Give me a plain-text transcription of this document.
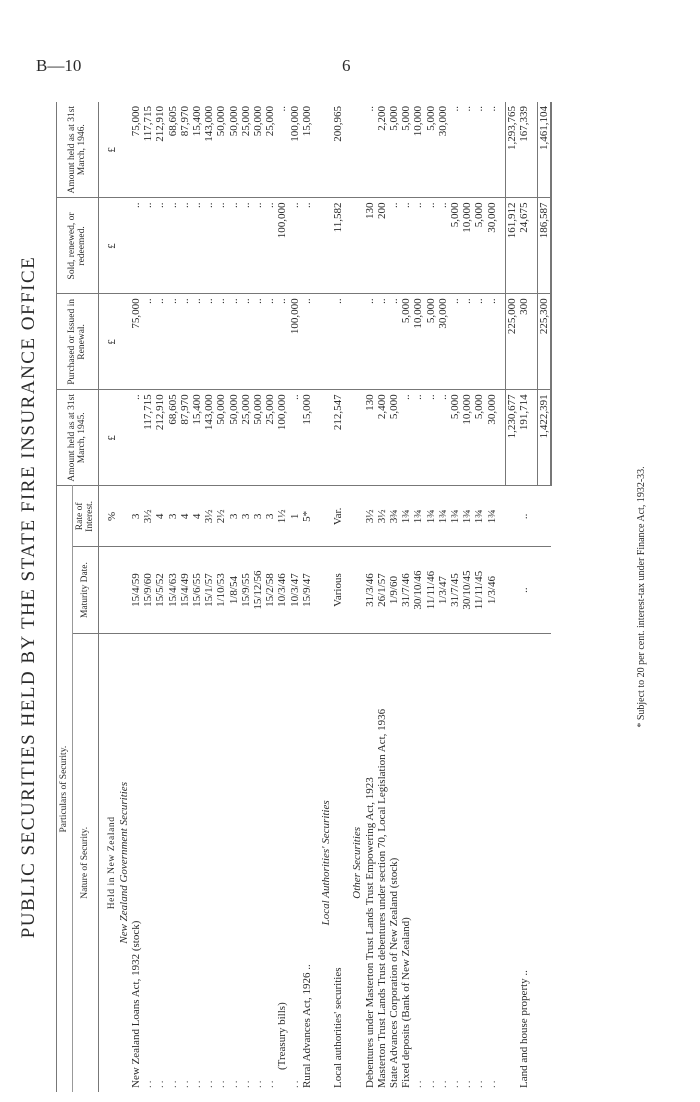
B—10	6
PUBLIC SECURITIES HELD BY THE STATE FIRE INSURANCE OFFICE Particulars of Security.			Amount held as at 31st March, 1945.	Purchased or Issued in Renewal.	Sold, renewed, or redeemed.	Amount held as at 31st March, 1946.
Nature of Security.	Maturity Date.	Rate of Interest.				

Held in New Zealand		%	£	£	£	£
New Zealand Government Securities						
New Zealand Loans Act, 1932 (stock)	15/4/59	3	..	75,000	..	75,000
..	15/9/60	3½	117,715	..	..	117,715
..	15/5/52	4	212,910	..	..	212,910
..	15/4/63	3	68,605	..	..	68,605
..	15/4/49	4	87,970	..	..	87,970
..	15/6/55	4	15,400	..	..	15,400
..	15/1/57	3½	143,000	..	..	143,000
..	1/10/53	2½	50,000	..	..	50,000
..	1/8/54	3	50,000	..	..	50,000
..	15/9/55	3	25,000	..	..	25,000
..	15/12/56	3	50,000	..	..	50,000
..	15/2/58	3	25,000	..	..	25,000
(Treasury bills)	10/3/46	1½	100,000	..	100,000	..
..	10/3/47	1	..	100,000	..	100,000
Rural Advances Act, 1926 ..	15/9/47	5*	15,000	..	..	15,000

Local Authorities' Securities						
Local authorities' securities	Various	Var.	212,547	..	11,582	200,965

Other Securities						
Debentures under Masterton Trust Lands Trust Empowering Act, 1923	31/3/46	3½	130	..	130	..
Masterton Trust Lands Trust debentures under section 70, Local Legislation Act, 1936	26/1/57	3½	2,400	..	200	2,200
State Advances Corporation of New Zealand (stock)	1/9/60	3¾	5,000	..	..	5,000
Fixed deposits (Bank of New Zealand)	31/7/46	1¾	..	5,000	..	5,000
..	30/10/46	1¾	..	10,000	..	10,000
..	11/11/46	1¾	..	5,000	..	5,000
..	1/3/47	1¾	..	30,000	..	30,000
..	31/7/45	1¾	5,000	..	5,000	..
..	30/10/45	1¾	10,000	..	10,000	..
..	11/11/45	1¾	5,000	..	5,000	..
..	1/3/46	1¾	30,000	..	30,000	..

			1,230,677	225,000	161,912	1,293,765
Land and house property ..	..	..	191,714	300	24,675	167,339

			1,422,391	225,300	186,587	1,461,104
* Subject to 20 per cent. interest-tax under Finance Act, 1932-33.
